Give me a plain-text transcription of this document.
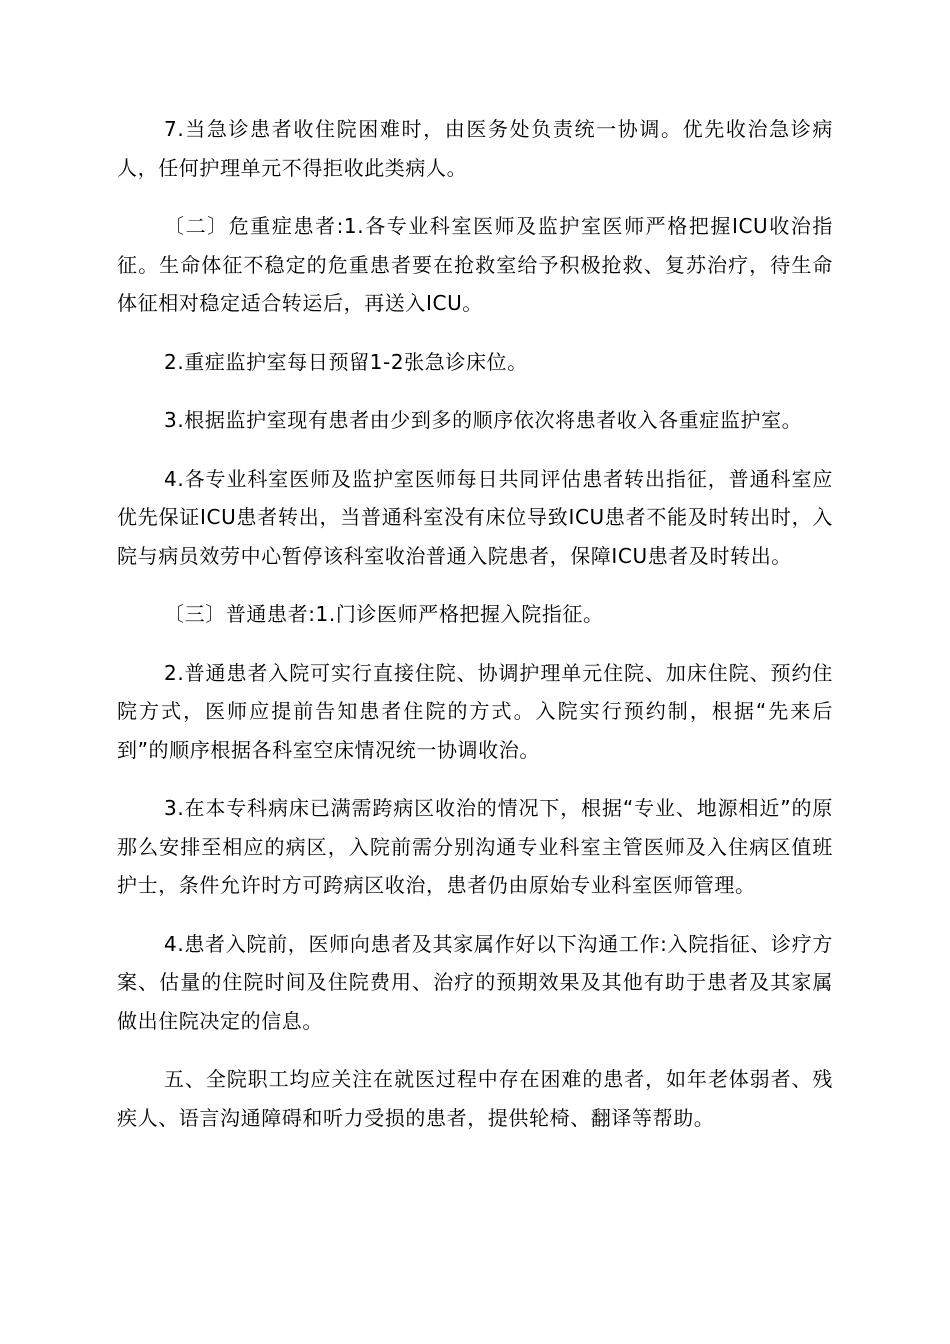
7.当急诊患者收住院困难时，由医务处负责统一协调。优先收治急诊病人，任何护理单元不得拒收此类病人。

〔二〕危重症患者:1.各专业科室医师及监护室医师严格把握ICU收治指征。生命体征不稳定的危重患者要在抢救室给予积极抢救、复苏治疗，待生命体征相对稳定适合转运后，再送入ICU。

2.重症监护室每日预留1-2张急诊床位。

3.根据监护室现有患者由少到多的顺序依次将患者收入各重症监护室。

4.各专业科室医师及监护室医师每日共同评估患者转出指征，普通科室应优先保证ICU患者转出，当普通科室没有床位导致ICU患者不能及时转出时，入院与病员效劳中心暂停该科室收治普通入院患者，保障ICU患者及时转出。

〔三〕普通患者:1.门诊医师严格把握入院指征。

2.普通患者入院可实行直接住院、协调护理单元住院、加床住院、预约住院方式，医师应提前告知患者住院的方式。入院实行预约制，根据“先来后到”的顺序根据各科室空床情况统一协调收治。

3.在本专科病床已满需跨病区收治的情况下，根据“专业、地源相近”的原那么安排至相应的病区，入院前需分别沟通专业科室主管医师及入住病区值班护士，条件允许时方可跨病区收治，患者仍由原始专业科室医师管理。

4.患者入院前，医师向患者及其家属作好以下沟通工作:入院指征、诊疗方案、估量的住院时间及住院费用、治疗的预期效果及其他有助于患者及其家属做出住院决定的信息。

五、全院职工均应关注在就医过程中存在困难的患者，如年老体弱者、残疾人、语言沟通障碍和听力受损的患者，提供轮椅、翻译等帮助。
